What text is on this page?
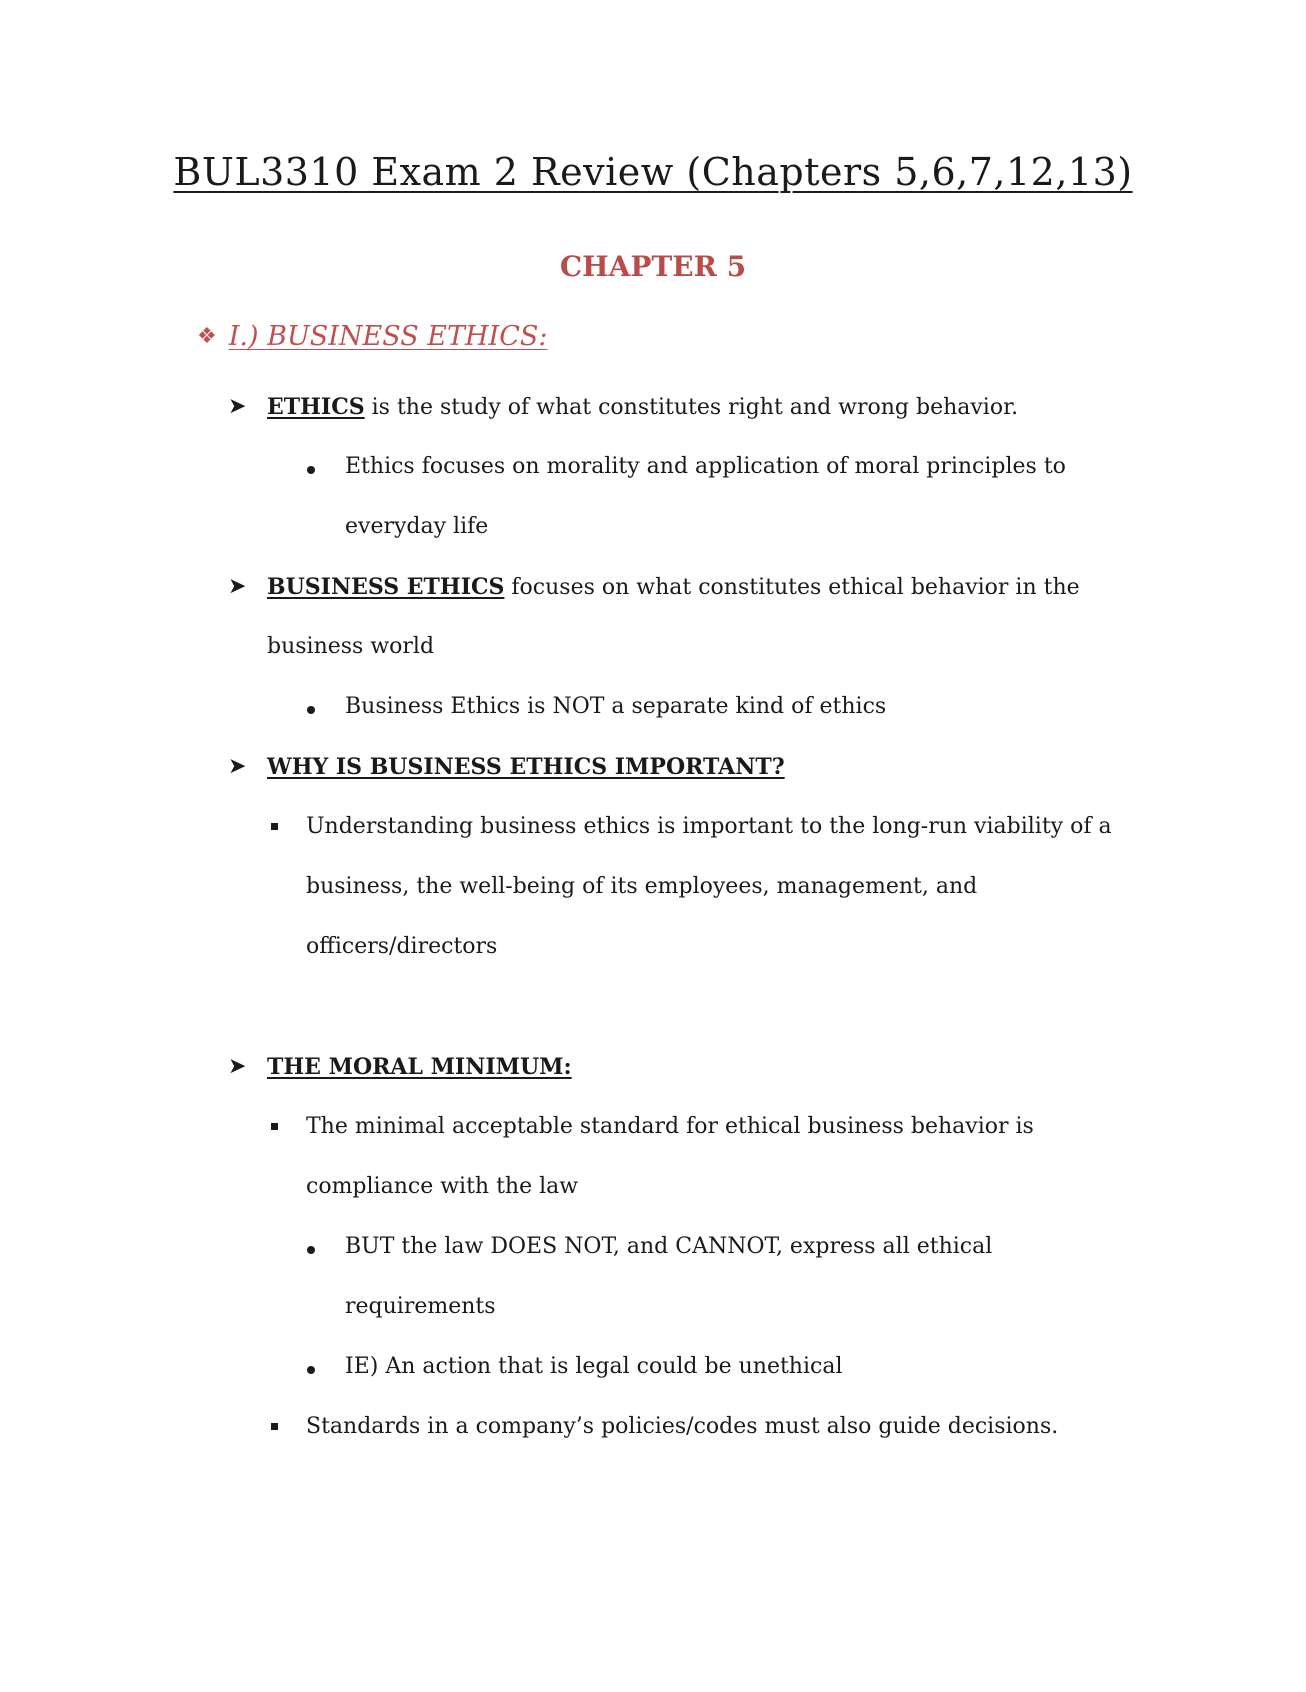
BUL3310 Exam 2 Review (Chapters 5,6,7,12,13)
CHAPTER 5
❖ I.) BUSINESS ETHICS:
➤ ETHICS is the study of what constitutes right and wrong behavior.
Ethics focuses on morality and application of moral principles to
everyday life
➤ BUSINESS ETHICS focuses on what constitutes ethical behavior in the
business world
Business Ethics is NOT a separate kind of ethics
➤ WHY IS BUSINESS ETHICS IMPORTANT?
Understanding business ethics is important to the long-run viability of a
business, the well-being of its employees, management, and
officers/directors
➤ THE MORAL MINIMUM:
The minimal acceptable standard for ethical business behavior is
compliance with the law
BUT the law DOES NOT, and CANNOT, express all ethical
requirements
IE) An action that is legal could be unethical
Standards in a company’s policies/codes must also guide decisions.
